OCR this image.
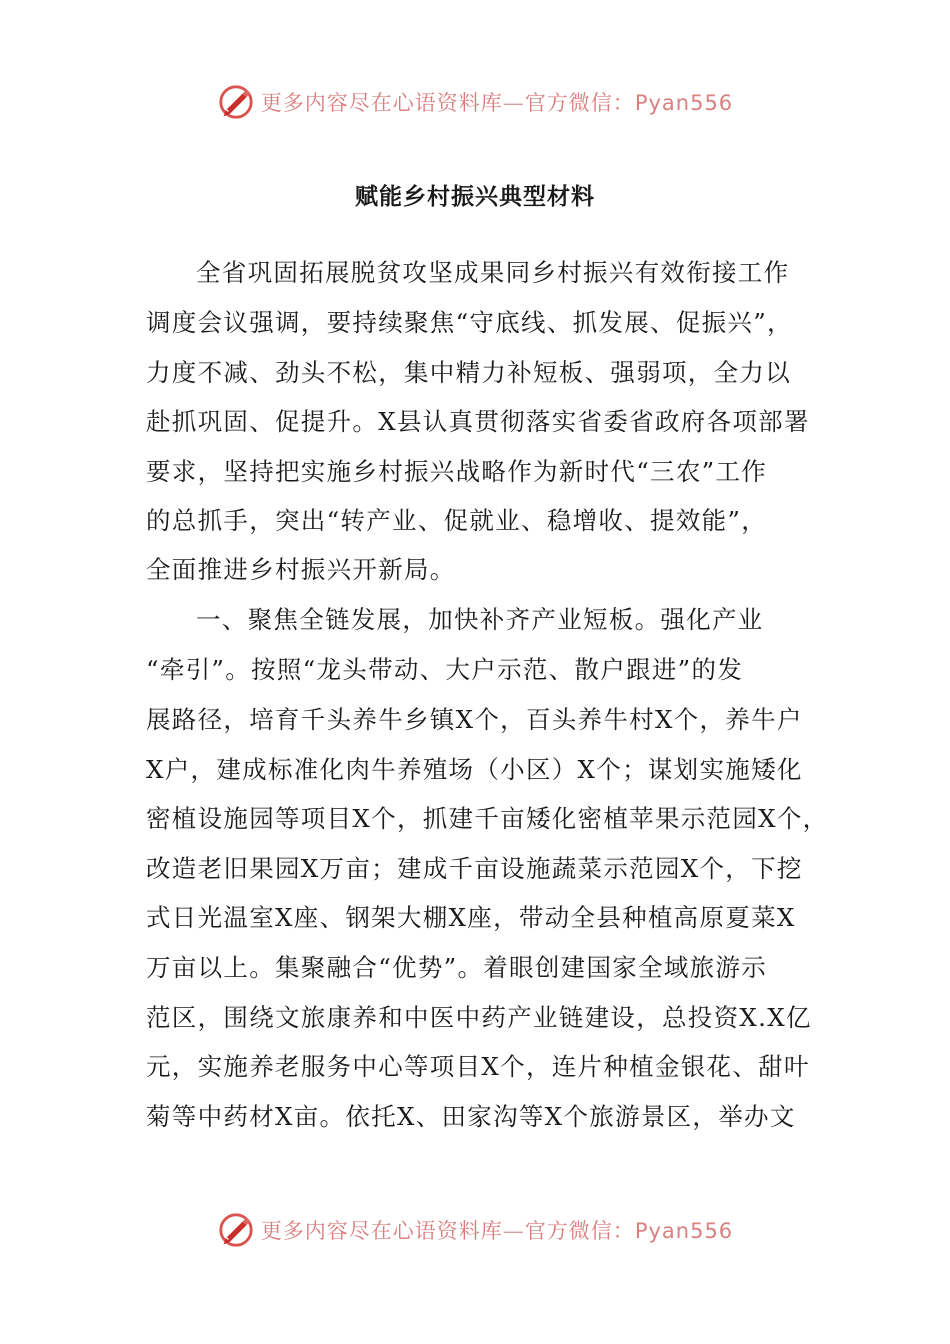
更多内容尽在心语资料库—官方微信：Pyan556
赋能乡村振兴典型材料
全省巩固拓展脱贫攻坚成果同乡村振兴有效衔接工作
调度会议强调，要持续聚焦“守底线、抓发展、促振兴”，
力度不减、劲头不松，集中精力补短板、强弱项，全力以
赴抓巩固、促提升。X县认真贯彻落实省委省政府各项部署
要求，坚持把实施乡村振兴战略作为新时代“三农”工作
的总抓手，突出“转产业、促就业、稳增收、提效能”，
全面推进乡村振兴开新局。
一、聚焦全链发展，加快补齐产业短板。强化产业
“牵引”。按照“龙头带动、大户示范、散户跟进”的发
展路径，培育千头养牛乡镇X个，百头养牛村X个，养牛户
X户，建成标准化肉牛养殖场（小区）X个；谋划实施矮化
密植设施园等项目X个，抓建千亩矮化密植苹果示范园X个，
改造老旧果园X万亩；建成千亩设施蔬菜示范园X个，下挖
式日光温室X座、钢架大棚X座，带动全县种植高原夏菜X
万亩以上。集聚融合“优势”。着眼创建国家全域旅游示
范区，围绕文旅康养和中医中药产业链建设，总投资X.X亿
元，实施养老服务中心等项目X个，连片种植金银花、甜叶
菊等中药材X亩。依托X、田家沟等X个旅游景区，举办文
更多内容尽在心语资料库—官方微信：Pyan556
